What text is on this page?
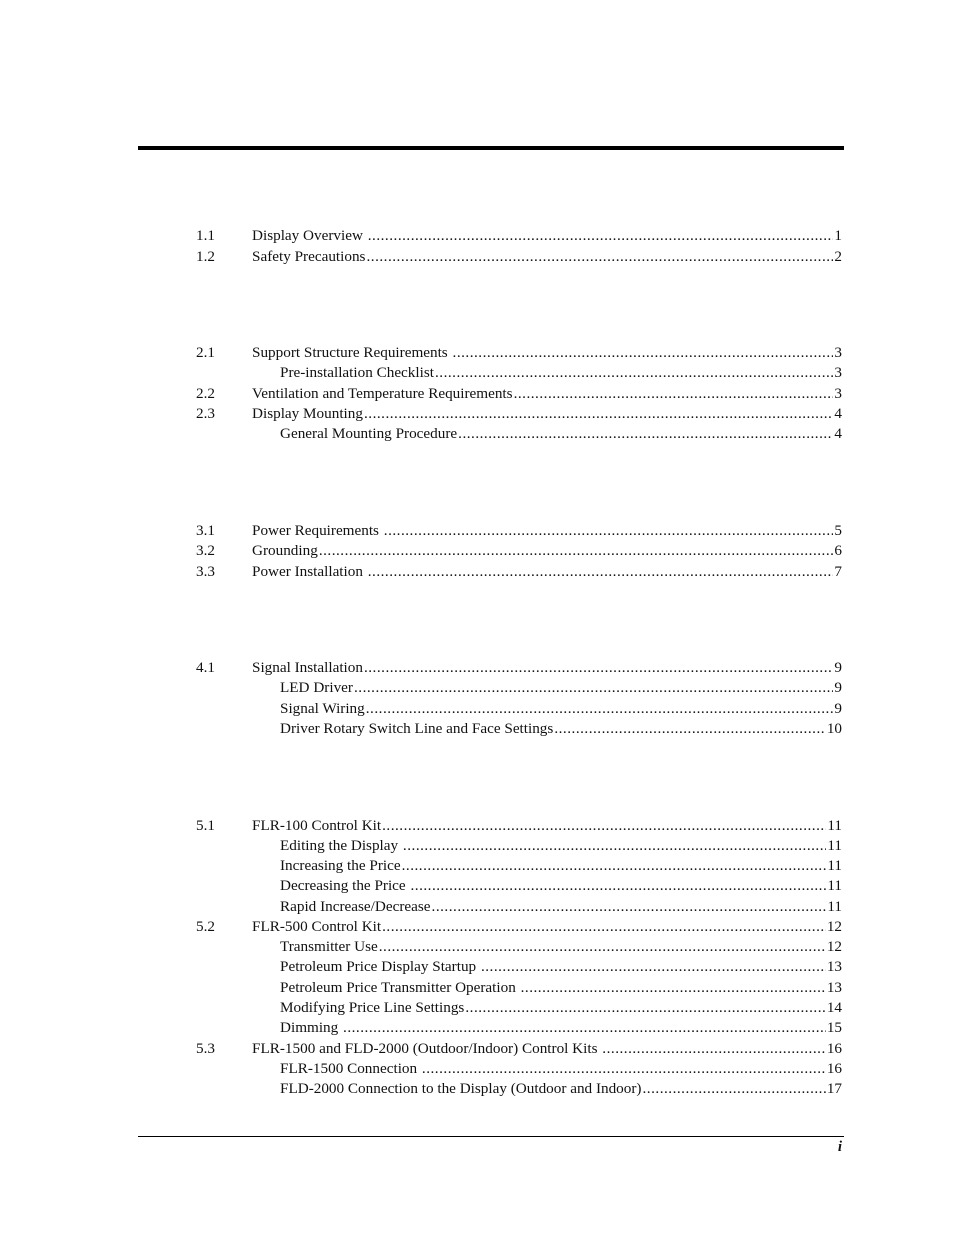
1.1 Display Overview .....	1
1.2 Safety Precautions .....	2
2.1 Support Structure Requirements .....	3
Pre-installation Checklist .....	3
2.2 Ventilation and Temperature Requirements .....	3
2.3 Display Mounting .....	4
General Mounting Procedure .....	4
3.1 Power Requirements .....	5
3.2 Grounding .....	6
3.3 Power Installation .....	7
4.1 Signal Installation .....	9
LED Driver .....	9
Signal Wiring .....	9
Driver Rotary Switch Line and Face Settings .....	10
5.1 FLR-100 Control Kit .....	11
Editing the Display .....	11
Increasing the Price .....	11
Decreasing the Price .....	11
Rapid Increase/Decrease .....	11
5.2 FLR-500 Control Kit .....	12
Transmitter Use .....	12
Petroleum Price Display Startup .....	13
Petroleum Price Transmitter Operation .....	13
Modifying Price Line Settings .....	14
Dimming .....	15
5.3 FLR-1500 and FLD-2000 (Outdoor/Indoor) Control Kits .....	16
FLR-1500 Connection .....	16
FLD-2000 Connection to the Display (Outdoor and Indoor) .....	17
i
